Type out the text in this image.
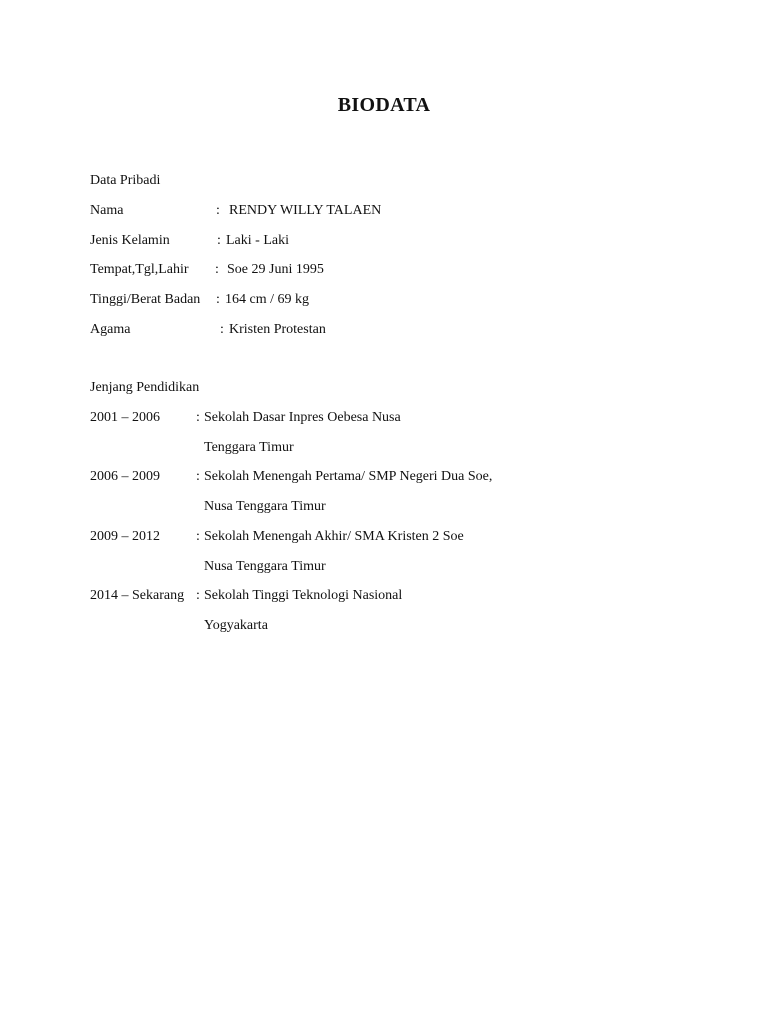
BIODATA
Data Pribadi
Nama	: RENDY WILLY TALAEN
Jenis Kelamin	: Laki - Laki
Tempat,Tgl,Lahir : Soe 29 Juni 1995
Tinggi/Berat Badan : 164 cm / 69 kg
Agama	: Kristen Protestan
Jenjang Pendidikan
2001 – 2006	: Sekolah Dasar Inpres Oebesa Nusa
Tenggara Timur
2006 – 2009	: Sekolah Menengah Pertama/ SMP Negeri Dua Soe,
Nusa Tenggara Timur
2009 – 2012	: Sekolah Menengah Akhir/ SMA Kristen 2 Soe
Nusa Tenggara Timur
2014 – Sekarang : Sekolah Tinggi Teknologi Nasional
Yogyakarta
